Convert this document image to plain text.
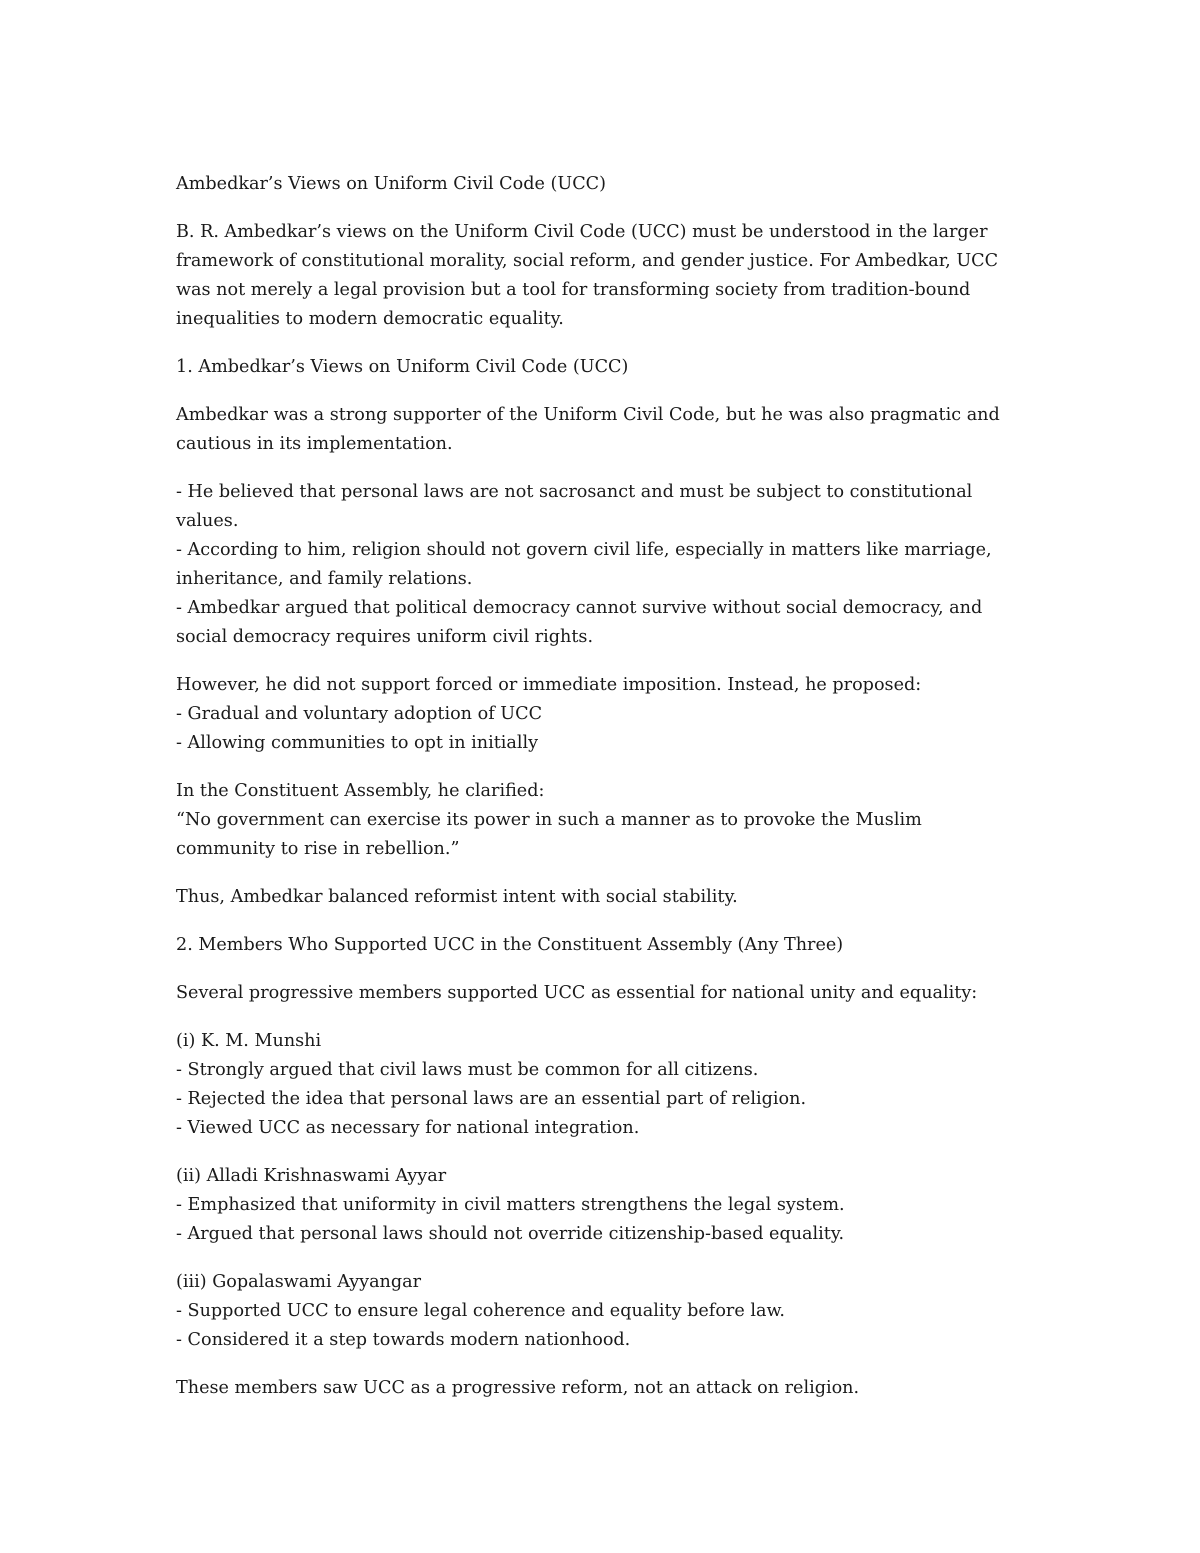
Ambedkar’s Views on Uniform Civil Code (UCC)
B. R. Ambedkar’s views on the Uniform Civil Code (UCC) must be understood in the larger
framework of constitutional morality, social reform, and gender justice. For Ambedkar, UCC
was not merely a legal provision but a tool for transforming society from tradition-bound
inequalities to modern democratic equality.
1. Ambedkar’s Views on Uniform Civil Code (UCC)
Ambedkar was a strong supporter of the Uniform Civil Code, but he was also pragmatic and
cautious in its implementation.
- He believed that personal laws are not sacrosanct and must be subject to constitutional
values.
- According to him, religion should not govern civil life, especially in matters like marriage,
inheritance, and family relations.
- Ambedkar argued that political democracy cannot survive without social democracy, and
social democracy requires uniform civil rights.
However, he did not support forced or immediate imposition. Instead, he proposed:
- Gradual and voluntary adoption of UCC
- Allowing communities to opt in initially
In the Constituent Assembly, he clarified:
“No government can exercise its power in such a manner as to provoke the Muslim
community to rise in rebellion.”
Thus, Ambedkar balanced reformist intent with social stability.
2. Members Who Supported UCC in the Constituent Assembly (Any Three)
Several progressive members supported UCC as essential for national unity and equality:
(i) K. M. Munshi
- Strongly argued that civil laws must be common for all citizens.
- Rejected the idea that personal laws are an essential part of religion.
- Viewed UCC as necessary for national integration.
(ii) Alladi Krishnaswami Ayyar
- Emphasized that uniformity in civil matters strengthens the legal system.
- Argued that personal laws should not override citizenship-based equality.
(iii) Gopalaswami Ayyangar
- Supported UCC to ensure legal coherence and equality before law.
- Considered it a step towards modern nationhood.
These members saw UCC as a progressive reform, not an attack on religion.
